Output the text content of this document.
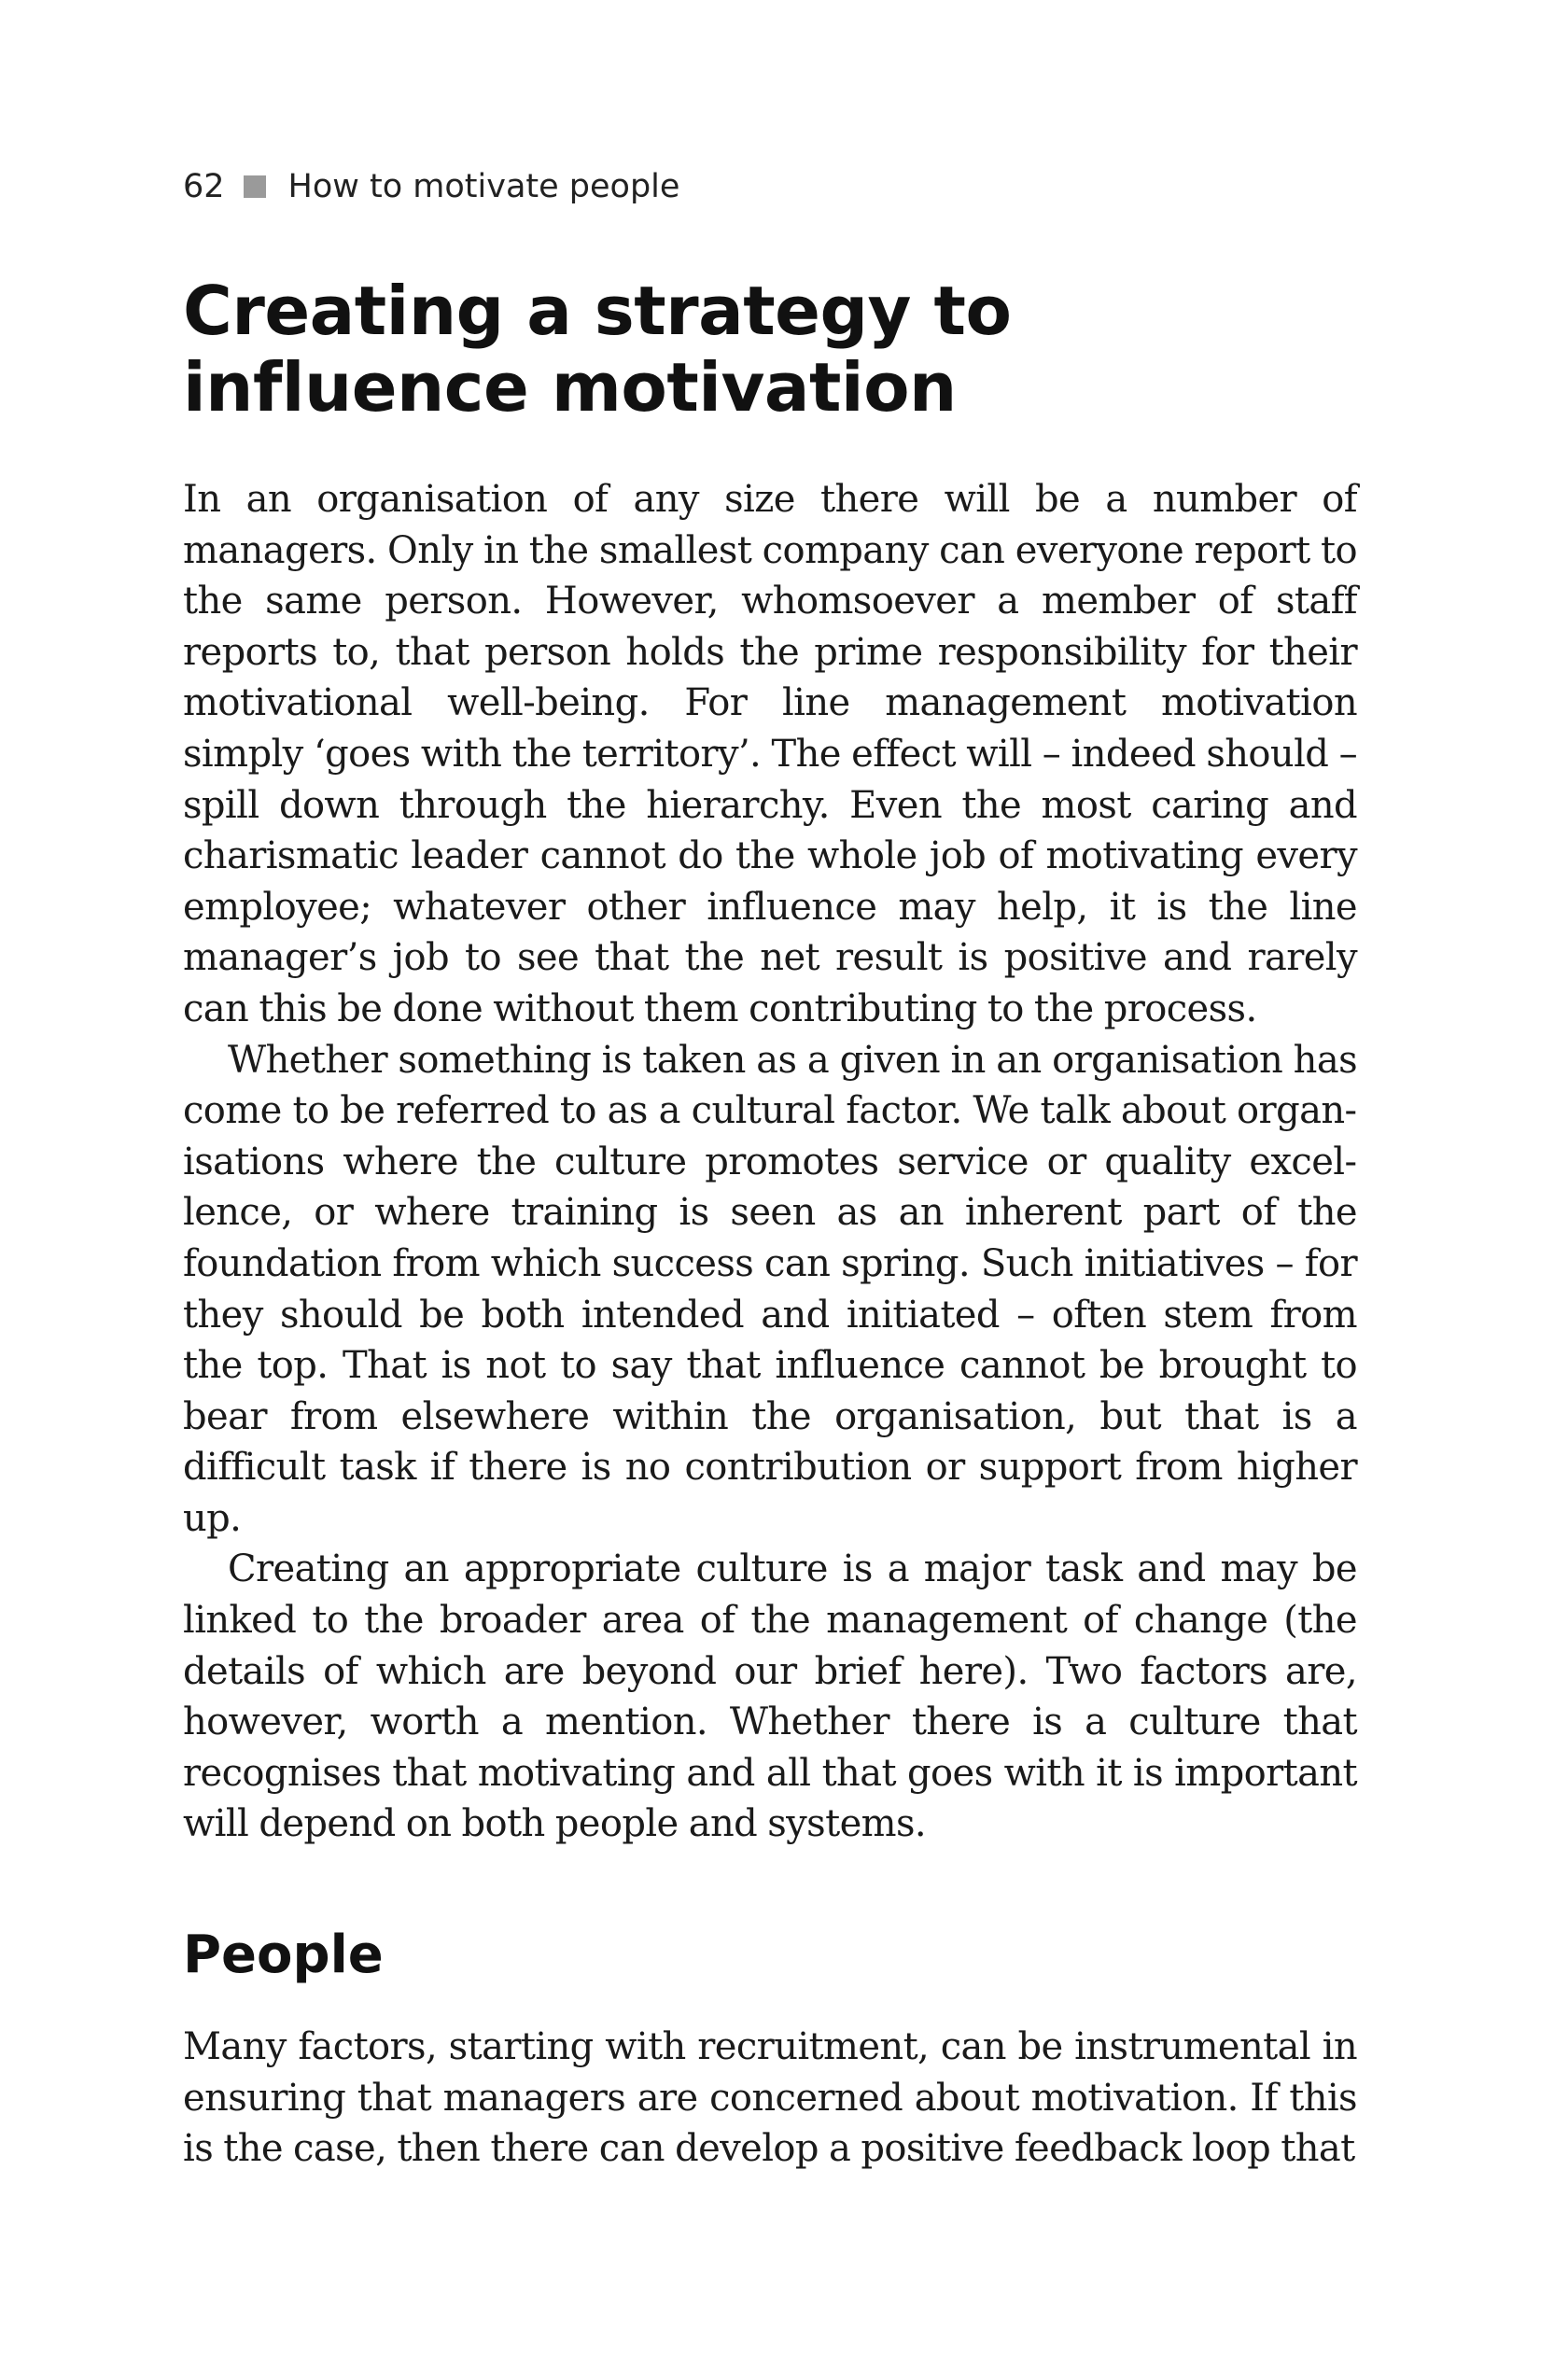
62 How to motivate people
Creating a strategy to influence motivation

In an organisation of any size there will be a number of managers. Only in the smallest company can everyone report to the same person. However, whomsoever a member of staff reports to, that person holds the prime responsibility for their motivational well-being. For line management motivation simply ‘goes with the territory’. The effect will – indeed should – spill down through the hierarchy. Even the most caring and charismatic leader cannot do the whole job of motivating every employee; whatever other influence may help, it is the line manager’s job to see that the net result is positive and rarely can this be done without them contributing to the process.

Whether something is taken as a given in an organisation has come to be referred to as a cultural factor. We talk about organisations where the culture promotes service or quality excellence, or where training is seen as an inherent part of the foundation from which success can spring. Such initiatives – for they should be both intended and initiated – often stem from the top. That is not to say that influence cannot be brought to bear from elsewhere within the organisation, but that is a difficult task if there is no contribution or support from higher up.

Creating an appropriate culture is a major task and may be linked to the broader area of the management of change (the details of which are beyond our brief here). Two factors are, however, worth a mention. Whether there is a culture that recognises that motivating and all that goes with it is important will depend on both people and systems.

People

Many factors, starting with recruitment, can be instrumental in ensuring that managers are concerned about motivation. If this is the case, then there can develop a positive feedback loop that
